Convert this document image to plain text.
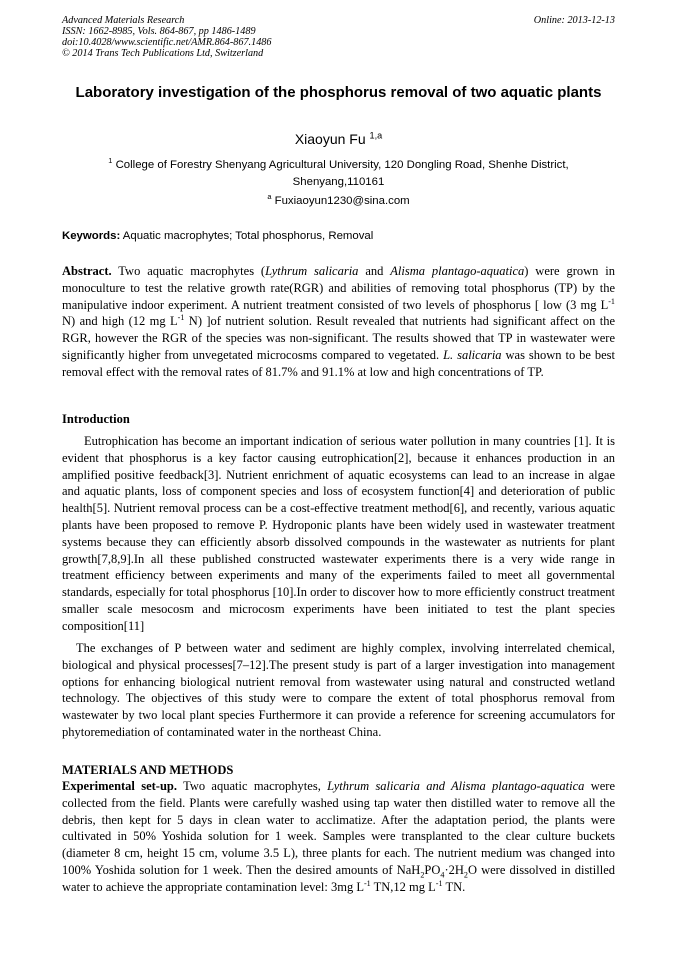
Advanced Materials Research
ISSN: 1662-8985, Vols. 864-867, pp 1486-1489
doi:10.4028/www.scientific.net/AMR.864-867.1486
© 2014 Trans Tech Publications Ltd, Switzerland
Online: 2013-12-13
Laboratory investigation of the phosphorus removal of two aquatic plants
Xiaoyun Fu $^{1,a}$
$^1$ College of Forestry Shenyang Agricultural University, 120 Dongling Road, Shenhe District, Shenyang,110161
$^a$ Fuxiaoyun1230@sina.com
Keywords: Aquatic macrophytes; Total phosphorus, Removal
Abstract. Two aquatic macrophytes (Lythrum salicaria and Alisma plantago-aquatica) were grown in monoculture to test the relative growth rate(RGR) and abilities of removing total phosphorus (TP) by the manipulative indoor experiment. A nutrient treatment consisted of two levels of phosphorus [ low (3 mg $L^{-1}$ N) and high (12 mg $L^{-1}$ N) ]of nutrient solution. Result revealed that nutrients had significant affect on the RGR, however the RGR of the species was non-significant. The results showed that TP in wastewater were significantly higher from unvegetated microcosms compared to vegetated. L. salicaria was shown to be best removal effect with the removal rates of 81.7% and 91.1% at low and high concentrations of TP.
Introduction
Eutrophication has become an important indication of serious water pollution in many countries [1]. It is evident that phosphorus is a key factor causing eutrophication[2], because it enhances production in an amplified positive feedback[3]. Nutrient enrichment of aquatic ecosystems can lead to an increase in algae and aquatic plants, loss of component species and loss of ecosystem function[4] and deterioration of public health[5]. Nutrient removal process can be a cost-effective treatment method[6], and recently, various aquatic plants have been proposed to remove P. Hydroponic plants have been widely used in wastewater treatment systems because they can efficiently absorb dissolved compounds in the wastewater as nutrients for plant growth[7,8,9].In all these published constructed wastewater experiments there is a very wide range in treatment efficiency between experiments and many of the experiments failed to meet all governmental standards, especially for total phosphorus [10].In order to discover how to more efficiently construct treatment smaller scale mesocosm and microcosm experiments have been initiated to test the plant species composition[11]
The exchanges of P between water and sediment are highly complex, involving interrelated chemical, biological and physical processes[7–12].The present study is part of a larger investigation into management options for enhancing biological nutrient removal from wastewater using natural and constructed wetland technology. The objectives of this study were to compare the extent of total phosphorus removal from wastewater by two local plant species Furthermore it can provide a reference for screening accumulators for phytoremediation of contaminated water in the northeast China.
MATERIALS AND METHODS
Experimental set-up. Two aquatic macrophytes, Lythrum salicaria and Alisma plantago-aquatica were collected from the field. Plants were carefully washed using tap water then distilled water to remove all the debris, then kept for 5 days in clean water to acclimatize. After the adaptation period, the plants were cultivated in 50% Yoshida solution for 1 week. Samples were transplanted to the clear culture buckets (diameter 8 cm, height 15 cm, volume 3.5 L), three plants for each. The nutrient medium was changed into 100% Yoshida solution for 1 week. Then the desired amounts of $NaH_2PO_4\cdot 2H_2O$ were dissolved in distilled water to achieve the appropriate contamination level: 3mg $L^{-1}$ TN,12 mg $L^{-1}$ TN.
